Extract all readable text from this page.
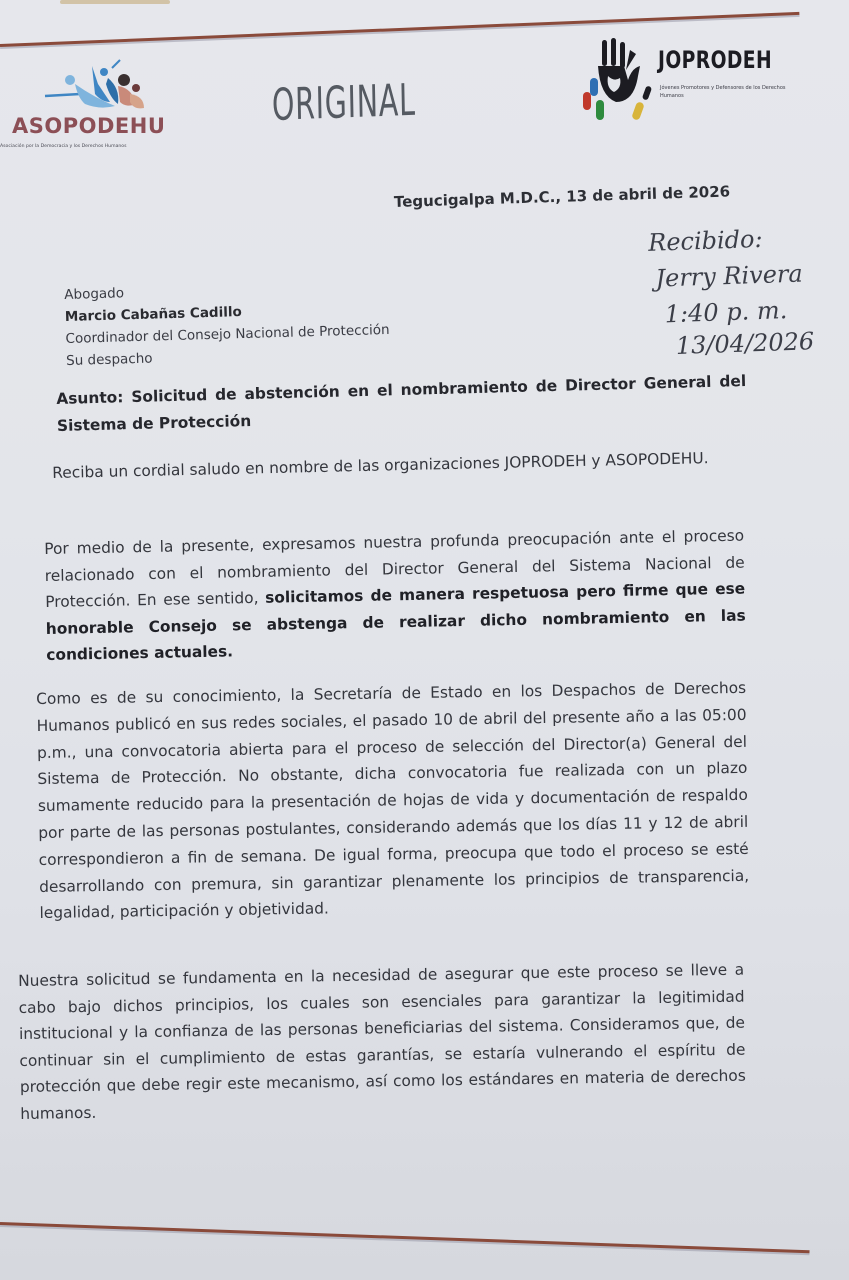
ASOPODEHU
Asociación por la Democracia y los Derechos Humanos
ORIGINAL
JOPRODEH
Jóvenes Promotores y Defensores de los Derechos Humanos
Tegucigalpa M.D.C., 13 de abril de 2026
Recibido:
Jerry Rivera
1:40 p. m.
13/04/2026
Abogado
Marcio Cabañas Cadillo
Coordinador del Consejo Nacional de Protección
Su despacho
Asunto: Solicitud de abstención en el nombramiento de Director General del Sistema de Protección
Reciba un cordial saludo en nombre de las organizaciones JOPRODEH y ASOPODEHU.
Por medio de la presente, expresamos nuestra profunda preocupación ante el proceso relacionado con el nombramiento del Director General del Sistema Nacional de Protección. En ese sentido, solicitamos de manera respetuosa pero firme que ese honorable Consejo se abstenga de realizar dicho nombramiento en las condiciones actuales.
Como es de su conocimiento, la Secretaría de Estado en los Despachos de Derechos Humanos publicó en sus redes sociales, el pasado 10 de abril del presente año a las 05:00 p.m., una convocatoria abierta para el proceso de selección del Director(a) General del Sistema de Protección. No obstante, dicha convocatoria fue realizada con un plazo sumamente reducido para la presentación de hojas de vida y documentación de respaldo por parte de las personas postulantes, considerando además que los días 11 y 12 de abril correspondieron a fin de semana. De igual forma, preocupa que todo el proceso se esté desarrollando con premura, sin garantizar plenamente los principios de transparencia, legalidad, participación y objetividad.
Nuestra solicitud se fundamenta en la necesidad de asegurar que este proceso se lleve a cabo bajo dichos principios, los cuales son esenciales para garantizar la legitimidad institucional y la confianza de las personas beneficiarias del sistema. Consideramos que, de continuar sin el cumplimiento de estas garantías, se estaría vulnerando el espíritu de protección que debe regir este mecanismo, así como los estándares en materia de derechos humanos.
